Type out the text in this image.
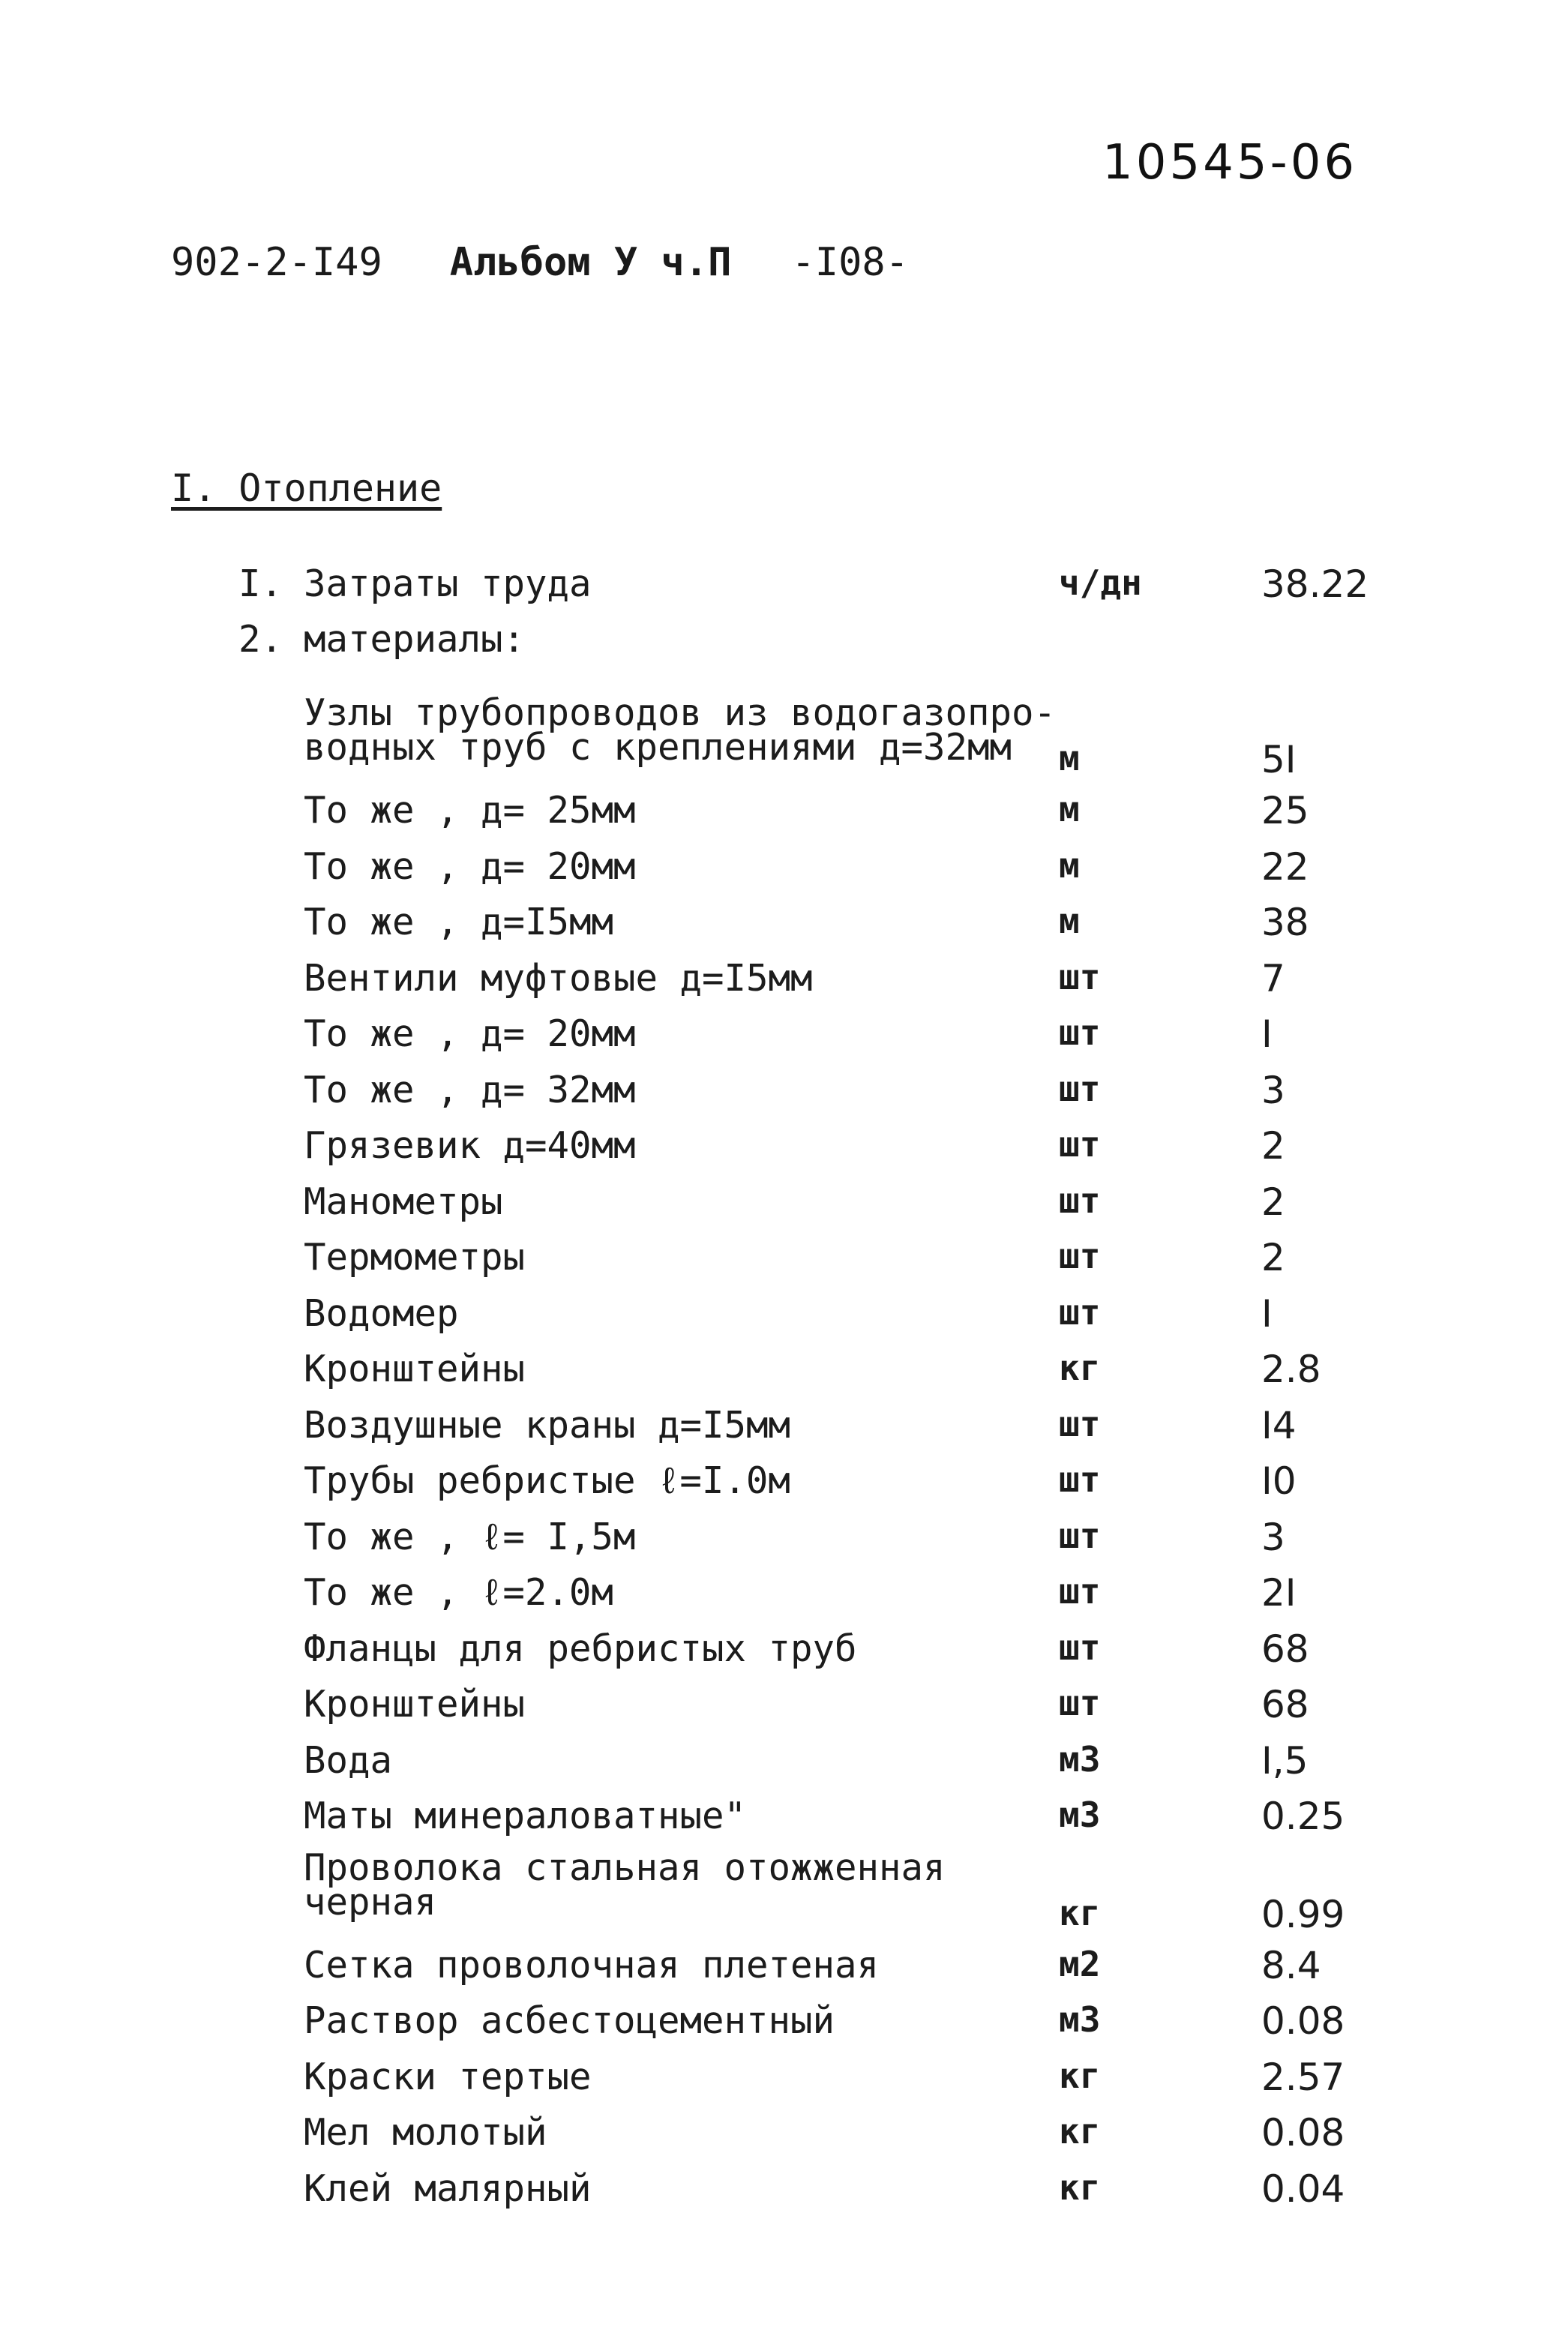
10545-06
902-2-I49 Альбом У ч.П -I08-
I. Отопление
I. Затраты труда	ч/дн	38.22
2. материалы:
Узлы трубопроводов из водогазопро-
водных труб с креплениями д=32мм	м	5I
То же , д= 25мм	м	25
То же , д= 20мм	м	22
То же , д=I5мм	м	38
Вентили муфтовые д=I5мм	шт	7
То же , д= 20мм	шт	I
То же , д= 32мм	шт	3
Грязевик д=40мм	шт	2
Манометры	шт	2
Термометры	шт	2
Водомер	шт	I
Кронштейны	кг	2.8
Воздушные краны д=I5мм	шт	I4
Трубы ребристые ℓ=I.0м	шт	I0
То же , ℓ= I,5м	шт	3
То же , ℓ=2.0м	шт	2I
Фланцы для ребристых труб	шт	68
Кронштейны	шт	68
Вода	м3	I,5
Маты минераловатные"	м3	0.25
Проволока стальная отожженная
черная	кг	0.99
Сетка проволочная плетеная	м2	8.4
Раствор асбестоцементный	м3	0.08
Краски тертые	кг	2.57
Мел молотый	кг	0.08
Клей малярный	кг	0.04
